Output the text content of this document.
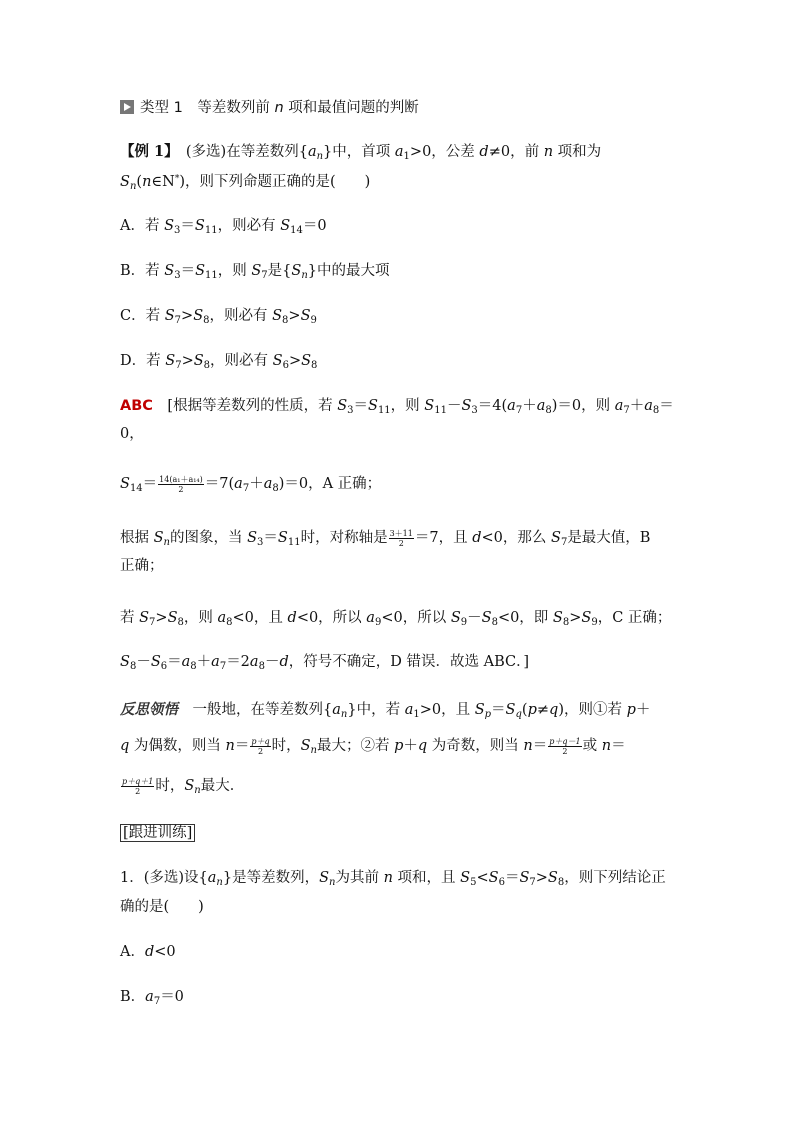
类型 1　 等差数列前 n 项和最值问题的判断
【例 1】　 (多选)在等差数列$\{a_n\}$中，首项 $a_1>0$，公差 d≠0，前 n 项和为
$S_n(n\in N^*)$，则下列命题正确的是(　　)
A．若 $S_3=S_{11}$，则必有 $S_{14}=0$
B．若 $S_3=S_{11}$，则 $S_7$是$\{S_n\}$中的最大项
C．若 $S_7>S_8$，则必有 $S_8>S_9$
D．若 $S_7>S_8$，则必有 $S_6>S_8$
ABC　 [根据等差数列的性质，若 $S_3=S_{11}$，则 $S_{11}-S_3=4(a_7+a_8)=0$，则 $a_7+a_8=$
0，
$S_{14}= \frac{\text{14(a₁＋a₁₄)}}{2} =7(a_7+a_8)=0$，A 正确；
根据 $S_n$的图象，当 $S_3=S_{11}$时，对称轴是 $\frac{3+11}{2} =7$，且 d<0，那么 $S_7$是最大值，B
正确；
若 $S_7>S_8$，则 $a_8<0$，且 d<0，所以 $a_9<0$，所以 $S_9-S_8<0$，即 $S_8>S_9$，C 正确；
$S_8-S_6=a_8+a_7=2a_8-d$，符号不确定，D 错误．故选 ABC．]
反思领悟　 一般地，在等差数列$\{a_n\}$中，若 $a_1>0$，且 $S_p=S_q(p\ne q)$，则①若 p＋
q 为偶数，则当 $n= \frac{p+q}{2}$ 时，$S_n$最大；②若 p＋q 为奇数，则当 $n= \frac{p+q-1}{2}$ 或 n＝
$\frac{p+q+1}{2}$ 时，$S_n$最大．
[跟进训练]
1．(多选)设$\{a_n\}$是等差数列，$S_n$为其前 n 项和，且 $S_5<S_6=S_7>S_8$，则下列结论正
确的是(　　)
A．d<0
B．$a_7=0$
